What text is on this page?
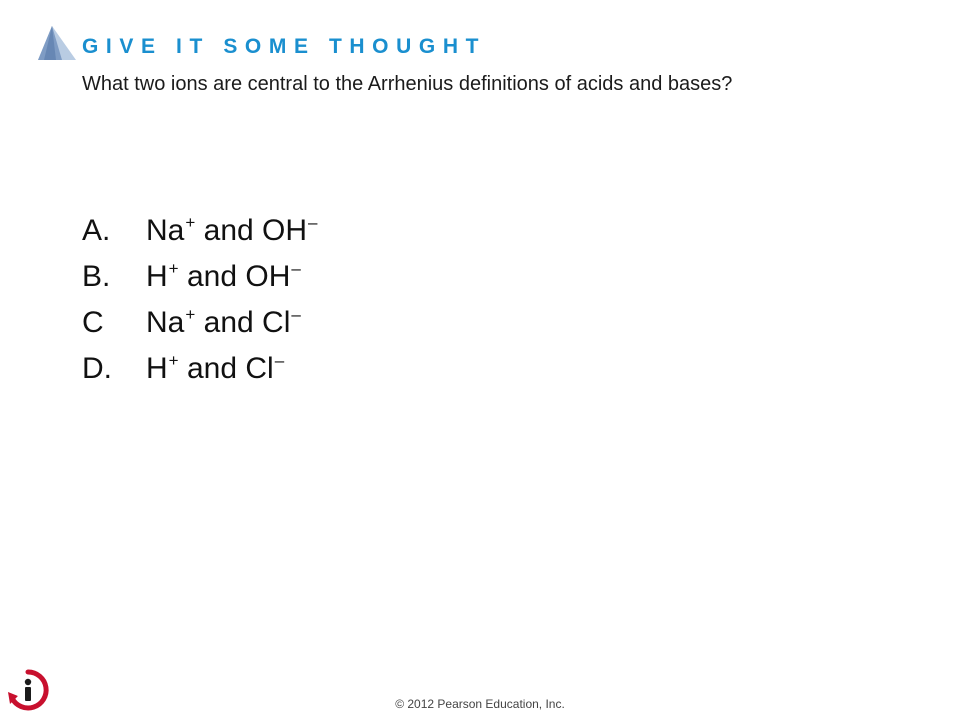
GIVE IT SOME THOUGHT
What two ions are central to the Arrhenius definitions of acids and bases?
A. Na+ and OH–
B. H+ and OH–
C Na+ and Cl–
D. H+ and Cl–
© 2012 Pearson Education, Inc.
